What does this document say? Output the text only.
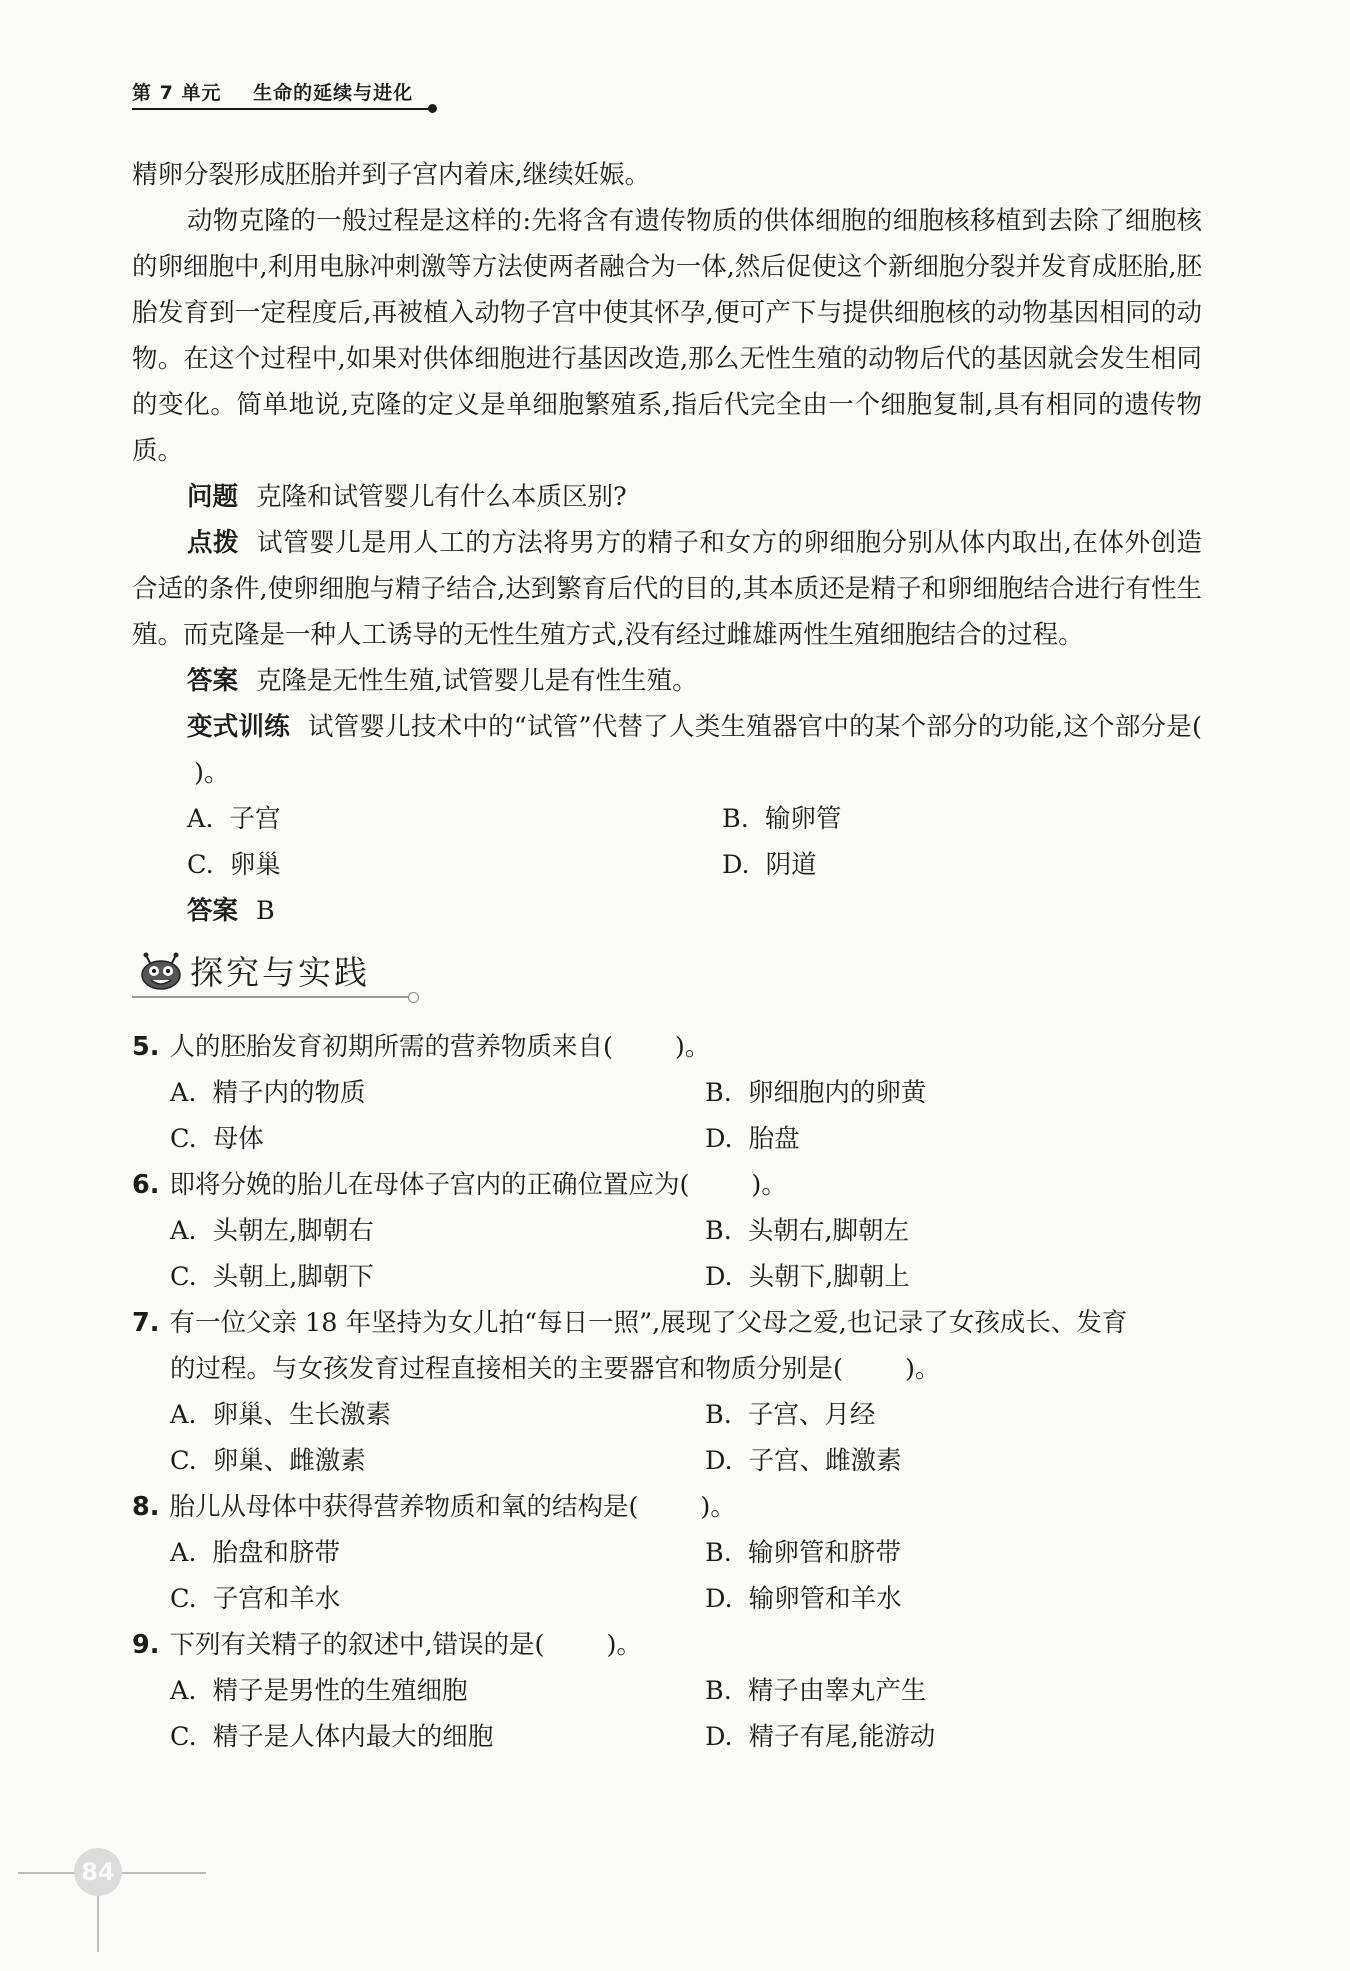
第 7 单元 生命的延续与进化

精卵分裂形成胚胎并到子宫内着床,继续妊娠。

动物克隆的一般过程是这样的:先将含有遗传物质的供体细胞的细胞核移植到去除了细胞核的卵细胞中,利用电脉冲刺激等方法使两者融合为一体,然后促使这个新细胞分裂并发育成胚胎,胚胎发育到一定程度后,再被植入动物子宫中使其怀孕,便可产下与提供细胞核的动物基因相同的动物。在这个过程中,如果对供体细胞进行基因改造,那么无性生殖的动物后代的基因就会发生相同的变化。简单地说,克隆的定义是单细胞繁殖系,指后代完全由一个细胞复制,具有相同的遗传物质。

问题 克隆和试管婴儿有什么本质区别?

点拨 试管婴儿是用人工的方法将男方的精子和女方的卵细胞分别从体内取出,在体外创造合适的条件,使卵细胞与精子结合,达到繁育后代的目的,其本质还是精子和卵细胞结合进行有性生殖。而克隆是一种人工诱导的无性生殖方式,没有经过雌雄两性生殖细胞结合的过程。

答案 克隆是无性生殖,试管婴儿是有性生殖。

变式训练 试管婴儿技术中的“试管”代替了人类生殖器官中的某个部分的功能,这个部分是()。

A. 子宫	B. 输卵管
C. 卵巢	D. 阴道

答案 B

探究与实践

5. 人的胚胎发育初期所需的营养物质来自( )。

A. 精子内的物质	B. 卵细胞内的卵黄
C. 母体	D. 胎盘

6. 即将分娩的胎儿在母体子宫内的正确位置应为( )。

A. 头朝左,脚朝右	B. 头朝右,脚朝左
C. 头朝上,脚朝下	D. 头朝下,脚朝上

7. 有一位父亲 18 年坚持为女儿拍“每日一照”,展现了父母之爱,也记录了女孩成长、发育

的过程。与女孩发育过程直接相关的主要器官和物质分别是( )。

A. 卵巢、生长激素	B. 子宫、月经
C. 卵巢、雌激素	D. 子宫、雌激素

8. 胎儿从母体中获得营养物质和氧的结构是( )。

A. 胎盘和脐带	B. 输卵管和脐带
C. 子宫和羊水	D. 输卵管和羊水

9. 下列有关精子的叙述中,错误的是( )。

A. 精子是男性的生殖细胞	B. 精子由睾丸产生
C. 精子是人体内最大的细胞	D. 精子有尾,能游动
84
